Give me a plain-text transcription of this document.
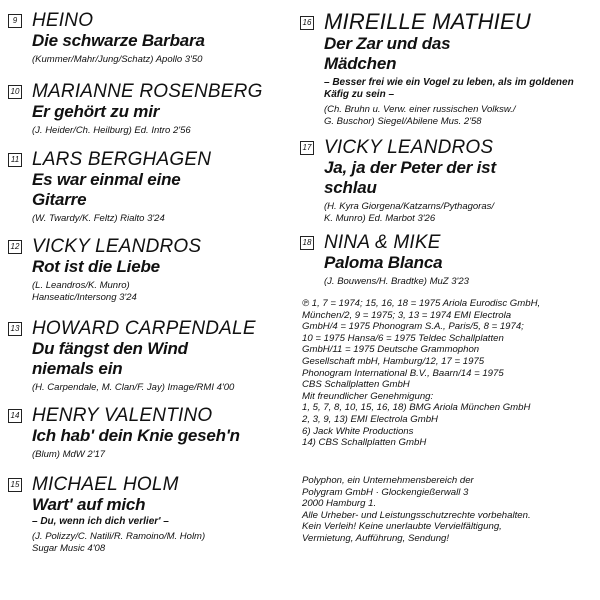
9 HEINO
Die schwarze Barbara
(Kummer/Mahr/Jung/Schatz) Apollo 3'50
10 MARIANNE ROSENBERG
Er gehört zu mir
(J. Heider/Ch. Heilburg) Ed. Intro 2'56
11 LARS BERGHAGEN
Es war einmal eine Gitarre
(W. Twardy/K. Feltz) Rialto 3'24
12 VICKY LEANDROS
Rot ist die Liebe
(L. Leandros/K. Munro)
Hanseatic/Intersong 3'24
13 HOWARD CARPENDALE
Du fängst den Wind niemals ein
(H. Carpendale, M. Clan/F. Jay) Image/RMI 4'00
14 HENRY VALENTINO
Ich hab' dein Knie geseh'n
(Blum) MdW 2'17
15 MICHAEL HOLM
Wart' auf mich
– Du, wenn ich dich verlier' –
(J. Polizzy/C. Natili/R. Ramoino/M. Holm)
Sugar Music 4'08
16 MIREILLE MATHIEU
Der Zar und das Mädchen
– Besser frei wie ein Vogel zu leben, als im goldenen Käfig zu sein –
(Ch. Bruhn u. Verw. einer russischen Volksw./
G. Buschor) Siegel/Abilene Mus. 2'58
17 VICKY LEANDROS
Ja, ja der Peter der ist schlau
(H. Kyra Giorgena/Katzarns/Pythagoras/
K. Munro) Ed. Marbot 3'26
18 NINA & MIKE
Paloma Blanca
(J. Bouwens/H. Bradtke) MuZ 3'23
℗ 1, 7 = 1974; 15, 16, 18 = 1975 Ariola Eurodisc GmbH,
München/2, 9 = 1975; 3, 13 = 1974 EMI Electrola
GmbH/4 = 1975 Phonogram S.A., Paris/5, 8 = 1974;
10 = 1975 Hansa/6 = 1975 Teldec Schallplatten
GmbH/11 = 1975 Deutsche Grammophon
Gesellschaft mbH, Hamburg/12, 17 = 1975
Phonogram International B.V., Baarn/14 = 1975
CBS Schallplatten GmbH
Mit freundlicher Genehmigung:
1, 5, 7, 8, 10, 15, 16, 18) BMG Ariola München GmbH
2, 3, 9, 13) EMI Electrola GmbH
6) Jack White Productions
14) CBS Schallplatten GmbH
Polyphon, ein Unternehmensbereich der
Polygram GmbH · Glockengießerwall 3
2000 Hamburg 1.
Alle Urheber- und Leistungsschutzrechte vorbehalten.
Kein Verleih! Keine unerlaubte Vervielfältigung,
Vermietung, Aufführung, Sendung!
